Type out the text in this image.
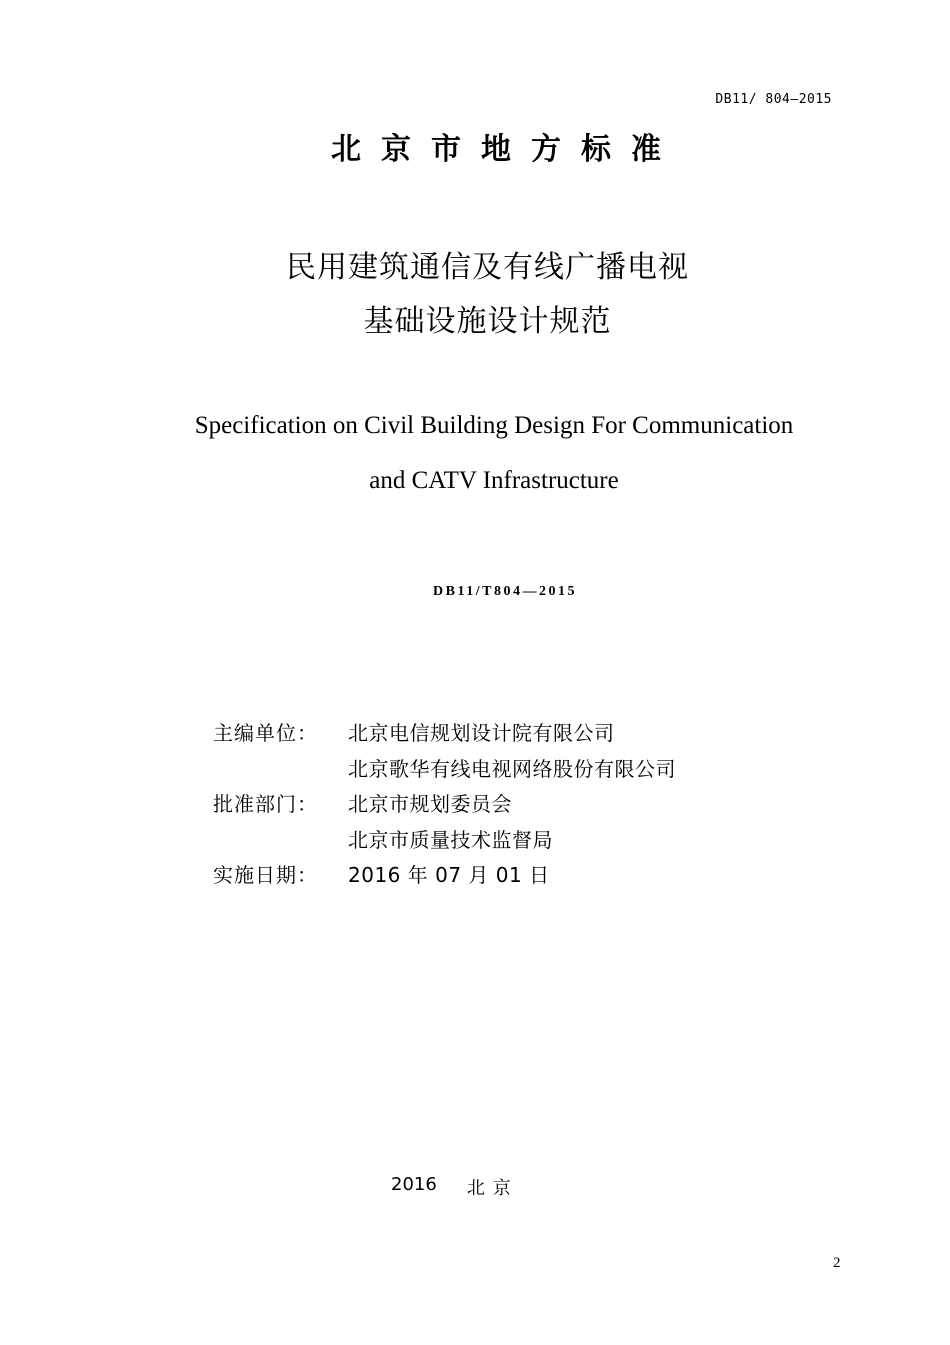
DB11/ 804—2015
北京市地方标准
民用建筑通信及有线广播电视
基础设施设计规范
Specification on Civil Building Design For Communication
and CATV Infrastructure
DB11/T804—2015
主编单位：	北京电信规划设计院有限公司
北京歌华有线电视网络股份有限公司
批准部门：	北京市规划委员会
北京市质量技术监督局
实施日期：	2016 年 07 月 01 日
2016 北京
2
